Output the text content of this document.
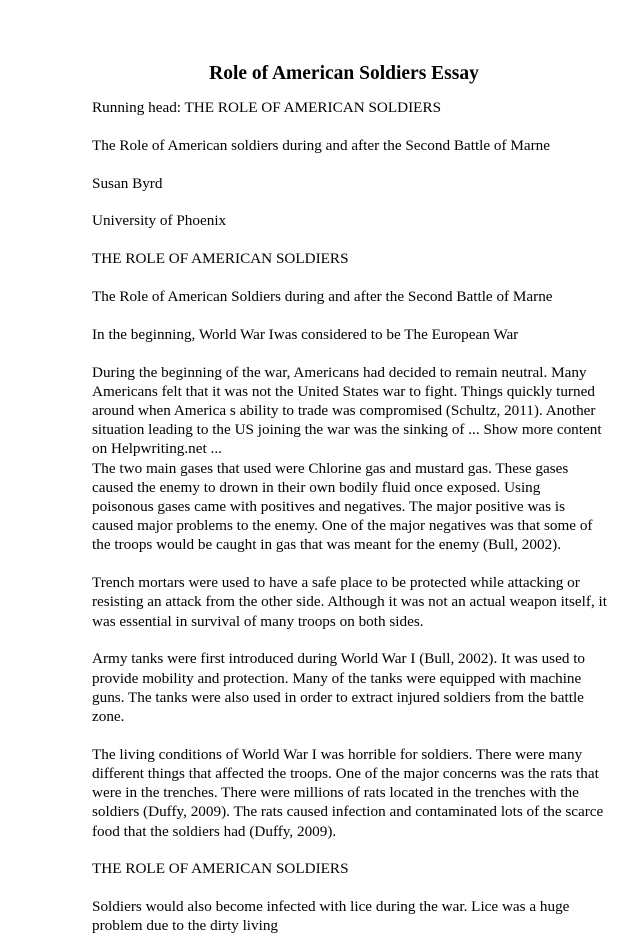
Role of American Soldiers Essay
Running head: THE ROLE OF AMERICAN SOLDIERS
The Role of American soldiers during and after the Second Battle of Marne
Susan Byrd
University of Phoenix
THE ROLE OF AMERICAN SOLDIERS
The Role of American Soldiers during and after the Second Battle of Marne
In the beginning, World War Iwas considered to be The European War
During the beginning of the war, Americans had decided to remain neutral. Many
Americans felt that it was not the United States war to fight. Things quickly turned
around when America s ability to trade was compromised (Schultz, 2011). Another
situation leading to the US joining the war was the sinking of ... Show more content
on Helpwriting.net ...
The two main gases that used were Chlorine gas and mustard gas. These gases
caused the enemy to drown in their own bodily fluid once exposed. Using
poisonous gases came with positives and negatives. The major positive was is
caused major problems to the enemy. One of the major negatives was that some of
the troops would be caught in gas that was meant for the enemy (Bull, 2002).
Trench mortars were used to have a safe place to be protected while attacking or
resisting an attack from the other side. Although it was not an actual weapon itself, it
was essential in survival of many troops on both sides.
Army tanks were first introduced during World War I (Bull, 2002). It was used to
provide mobility and protection. Many of the tanks were equipped with machine
guns. The tanks were also used in order to extract injured soldiers from the battle
zone.
The living conditions of World War I was horrible for soldiers. There were many
different things that affected the troops. One of the major concerns was the rats that
were in the trenches. There were millions of rats located in the trenches with the
soldiers (Duffy, 2009). The rats caused infection and contaminated lots of the scarce
food that the soldiers had (Duffy, 2009).
THE ROLE OF AMERICAN SOLDIERS
Soldiers would also become infected with lice during the war. Lice was a huge
problem due to the dirty living
